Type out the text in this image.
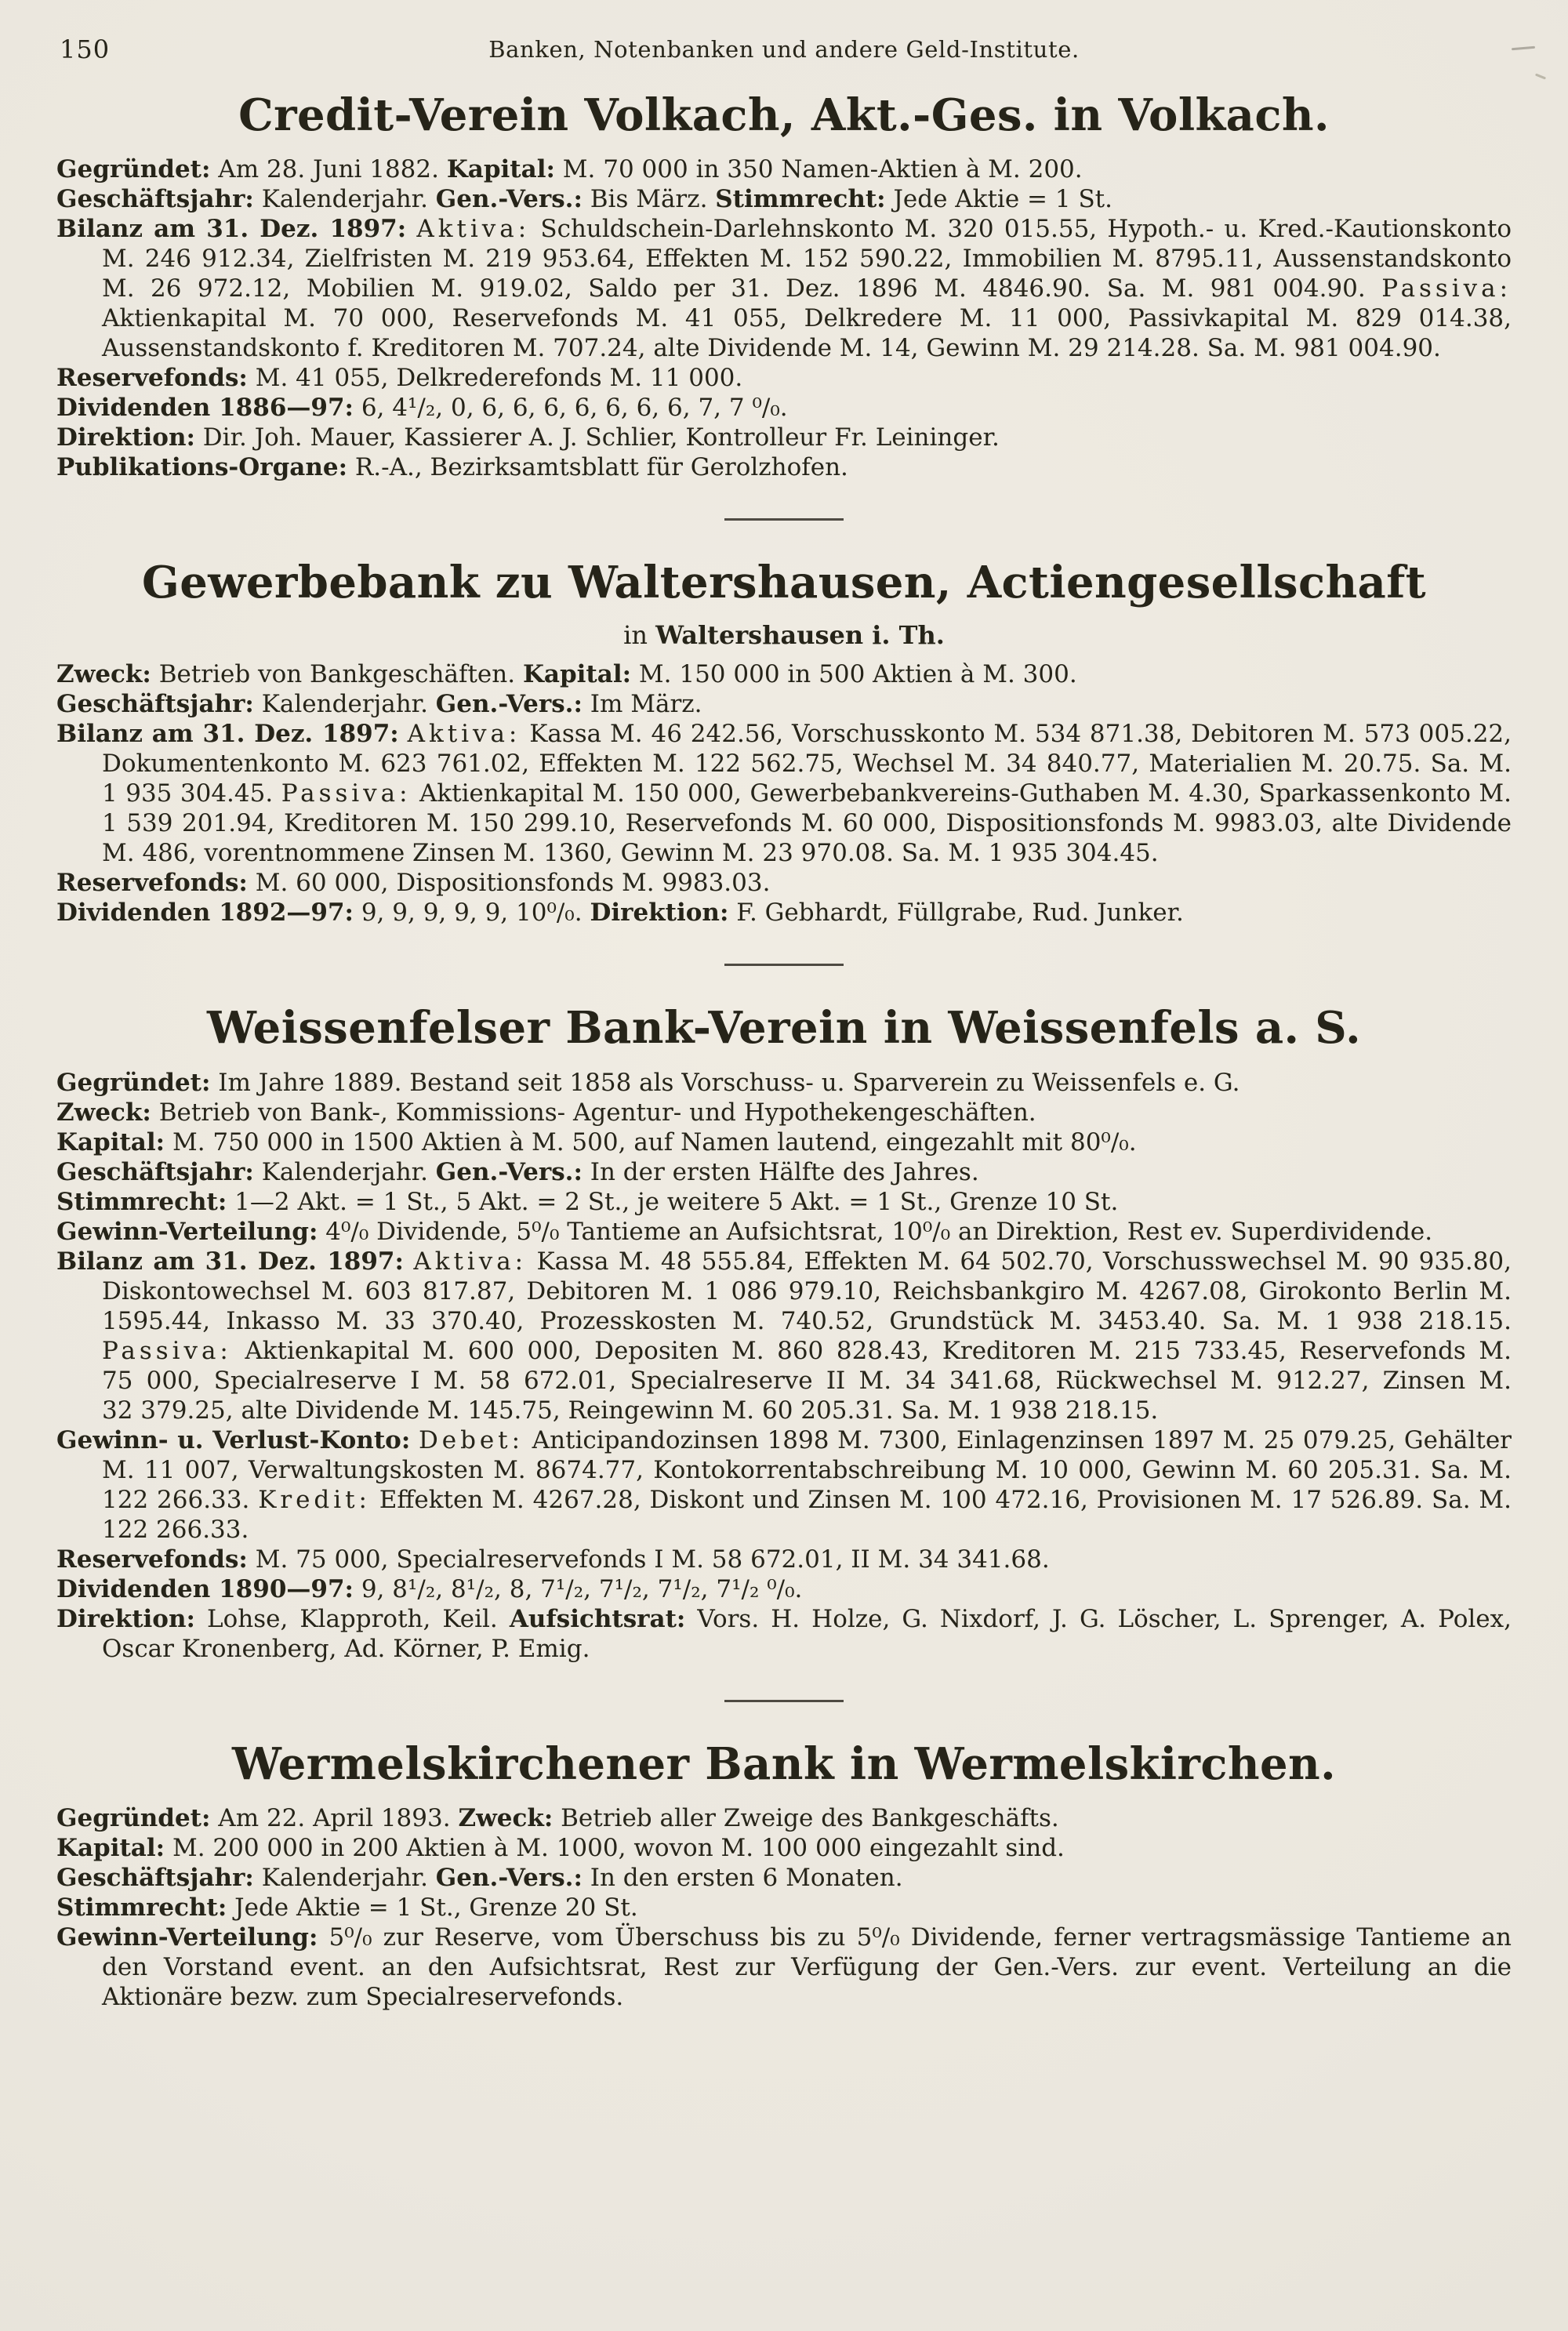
150	Banken, Notenbanken und andere Geld-Institute.
Credit-Verein Volkach, Akt.-Ges. in Volkach.

Gegründet: Am 28. Juni 1882. Kapital: M. 70 000 in 350 Namen-Aktien à M. 200.

Geschäftsjahr: Kalenderjahr. Gen.-Vers.: Bis März. Stimmrecht: Jede Aktie = 1 St.

Bilanz am 31. Dez. 1897: Aktiva: Schuldschein-Darlehnskonto M. 320 015.55, Hypoth.- u. Kred.-Kautionskonto M. 246 912.34, Zielfristen M. 219 953.64, Effekten M. 152 590.22, Immobilien M. 8795.11, Aussenstandskonto M. 26 972.12, Mobilien M. 919.02, Saldo per 31. Dez. 1896 M. 4846.90. Sa. M. 981 004.90. Passiva: Aktienkapital M. 70 000, Reservefonds M. 41 055, Delkredere M. 11 000, Passivkapital M. 829 014.38, Aussenstandskonto f. Kreditoren M. 707.24, alte Dividende M. 14, Gewinn M. 29 214.28. Sa. M. 981 004.90.

Reservefonds: M. 41 055, Delkrederefonds M. 11 000.

Dividenden 1886—97: 6, 4¹/₂, 0, 6, 6, 6, 6, 6, 6, 6, 7, 7 ⁰/₀.

Direktion: Dir. Joh. Mauer, Kassierer A. J. Schlier, Kontrolleur Fr. Leininger.

Publikations-Organe: R.-A., Bezirksamtsblatt für Gerolzhofen.

Gewerbebank zu Waltershausen, Actiengesellschaft
in Waltershausen i. Th.

Zweck: Betrieb von Bankgeschäften. Kapital: M. 150 000 in 500 Aktien à M. 300.

Geschäftsjahr: Kalenderjahr. Gen.-Vers.: Im März.

Bilanz am 31. Dez. 1897: Aktiva: Kassa M. 46 242.56, Vorschusskonto M. 534 871.38, Debitoren M. 573 005.22, Dokumentenkonto M. 623 761.02, Effekten M. 122 562.75, Wechsel M. 34 840.77, Materialien M. 20.75. Sa. M. 1 935 304.45. Passiva: Aktienkapital M. 150 000, Gewerbebankvereins-Guthaben M. 4.30, Sparkassenkonto M. 1 539 201.94, Kreditoren M. 150 299.10, Reservefonds M. 60 000, Dispositionsfonds M. 9983.03, alte Dividende M. 486, vorentnommene Zinsen M. 1360, Gewinn M. 23 970.08. Sa. M. 1 935 304.45.

Reservefonds: M. 60 000, Dispositionsfonds M. 9983.03.

Dividenden 1892—97: 9, 9, 9, 9, 9, 10⁰/₀. Direktion: F. Gebhardt, Füllgrabe, Rud. Junker.

Weissenfelser Bank-Verein in Weissenfels a. S.

Gegründet: Im Jahre 1889. Bestand seit 1858 als Vorschuss- u. Sparverein zu Weissenfels e. G.

Zweck: Betrieb von Bank-, Kommissions- Agentur- und Hypothekengeschäften.

Kapital: M. 750 000 in 1500 Aktien à M. 500, auf Namen lautend, eingezahlt mit 80⁰/₀.

Geschäftsjahr: Kalenderjahr. Gen.-Vers.: In der ersten Hälfte des Jahres.

Stimmrecht: 1—2 Akt. = 1 St., 5 Akt. = 2 St., je weitere 5 Akt. = 1 St., Grenze 10 St.

Gewinn-Verteilung: 4⁰/₀ Dividende, 5⁰/₀ Tantieme an Aufsichtsrat, 10⁰/₀ an Direktion, Rest ev. Superdividende.

Bilanz am 31. Dez. 1897: Aktiva: Kassa M. 48 555.84, Effekten M. 64 502.70, Vorschusswechsel M. 90 935.80, Diskontowechsel M. 603 817.87, Debitoren M. 1 086 979.10, Reichsbankgiro M. 4267.08, Girokonto Berlin M. 1595.44, Inkasso M. 33 370.40, Prozesskosten M. 740.52, Grundstück M. 3453.40. Sa. M. 1 938 218.15. Passiva: Aktienkapital M. 600 000, Depositen M. 860 828.43, Kreditoren M. 215 733.45, Reservefonds M. 75 000, Specialreserve I M. 58 672.01, Specialreserve II M. 34 341.68, Rückwechsel M. 912.27, Zinsen M. 32 379.25, alte Dividende M. 145.75, Reingewinn M. 60 205.31. Sa. M. 1 938 218.15.

Gewinn- u. Verlust-Konto: Debet: Anticipandozinsen 1898 M. 7300, Einlagenzinsen 1897 M. 25 079.25, Gehälter M. 11 007, Verwaltungskosten M. 8674.77, Kontokorrentabschreibung M. 10 000, Gewinn M. 60 205.31. Sa. M. 122 266.33. Kredit: Effekten M. 4267.28, Diskont und Zinsen M. 100 472.16, Provisionen M. 17 526.89. Sa. M. 122 266.33.

Reservefonds: M. 75 000, Specialreservefonds I M. 58 672.01, II M. 34 341.68.

Dividenden 1890—97: 9, 8¹/₂, 8¹/₂, 8, 7¹/₂, 7¹/₂, 7¹/₂, 7¹/₂ ⁰/₀.

Direktion: Lohse, Klapproth, Keil. Aufsichtsrat: Vors. H. Holze, G. Nixdorf, J. G. Löscher, L. Sprenger, A. Polex, Oscar Kronenberg, Ad. Körner, P. Emig.

Wermelskirchener Bank in Wermelskirchen.

Gegründet: Am 22. April 1893. Zweck: Betrieb aller Zweige des Bankgeschäfts.

Kapital: M. 200 000 in 200 Aktien à M. 1000, wovon M. 100 000 eingezahlt sind.

Geschäftsjahr: Kalenderjahr. Gen.-Vers.: In den ersten 6 Monaten.

Stimmrecht: Jede Aktie = 1 St., Grenze 20 St.

Gewinn-Verteilung: 5⁰/₀ zur Reserve, vom Überschuss bis zu 5⁰/₀ Dividende, ferner vertragsmässige Tantieme an den Vorstand event. an den Aufsichtsrat, Rest zur Verfügung der Gen.-Vers. zur event. Verteilung an die Aktionäre bezw. zum Specialreservefonds.
